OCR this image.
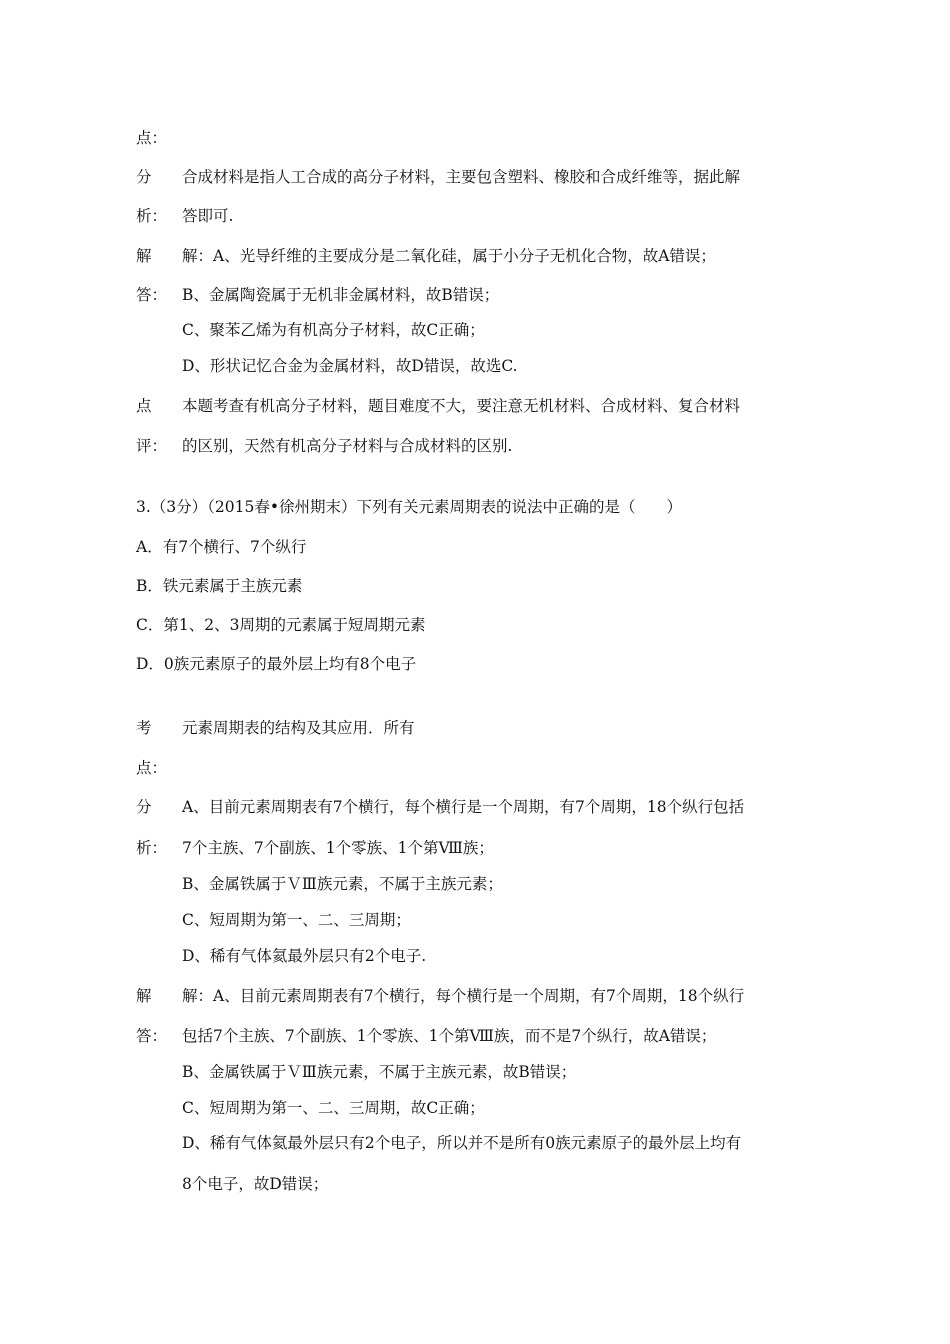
点：
分 合成材料是指人工合成的高分子材料，主要包含塑料、橡胶和合成纤维等，据此解
析： 答即可.
解 解：A、光导纤维的主要成分是二氧化硅，属于小分子无机化合物，故A错误；
答： B、金属陶瓷属于无机非金属材料，故B错误；
C、聚苯乙烯为有机高分子材料，故C正确；
D、形状记忆合金为金属材料，故D错误，故选C.
点 本题考查有机高分子材料，题目难度不大，要注意无机材料、合成材料、复合材料
评： 的区别，天然有机高分子材料与合成材料的区别.
3.（3分）（2015春•徐州期末）下列有关元素周期表的说法中正确的是（　　）
A．有7个横行、7个纵行
B．铁元素属于主族元素
C．第1、2、3周期的元素属于短周期元素
D．0族元素原子的最外层上均有8个电子
考 元素周期表的结构及其应用．所有
点：
分 A、目前元素周期表有7个横行，每个横行是一个周期，有7个周期，18个纵行包括
析： 7个主族、7个副族、1个零族、1个第Ⅷ族；
B、金属铁属于ＶⅢ族元素，不属于主族元素；
C、短周期为第一、二、三周期；
D、稀有气体氦最外层只有2个电子.
解 解：A、目前元素周期表有7个横行，每个横行是一个周期，有7个周期，18个纵行
答： 包括7个主族、7个副族、1个零族、1个第Ⅷ族，而不是7个纵行，故A错误；
B、金属铁属于ＶⅢ族元素，不属于主族元素，故B错误；
C、短周期为第一、二、三周期，故C正确；
D、稀有气体氦最外层只有2个电子，所以并不是所有0族元素原子的最外层上均有
8个电子，故D错误；
